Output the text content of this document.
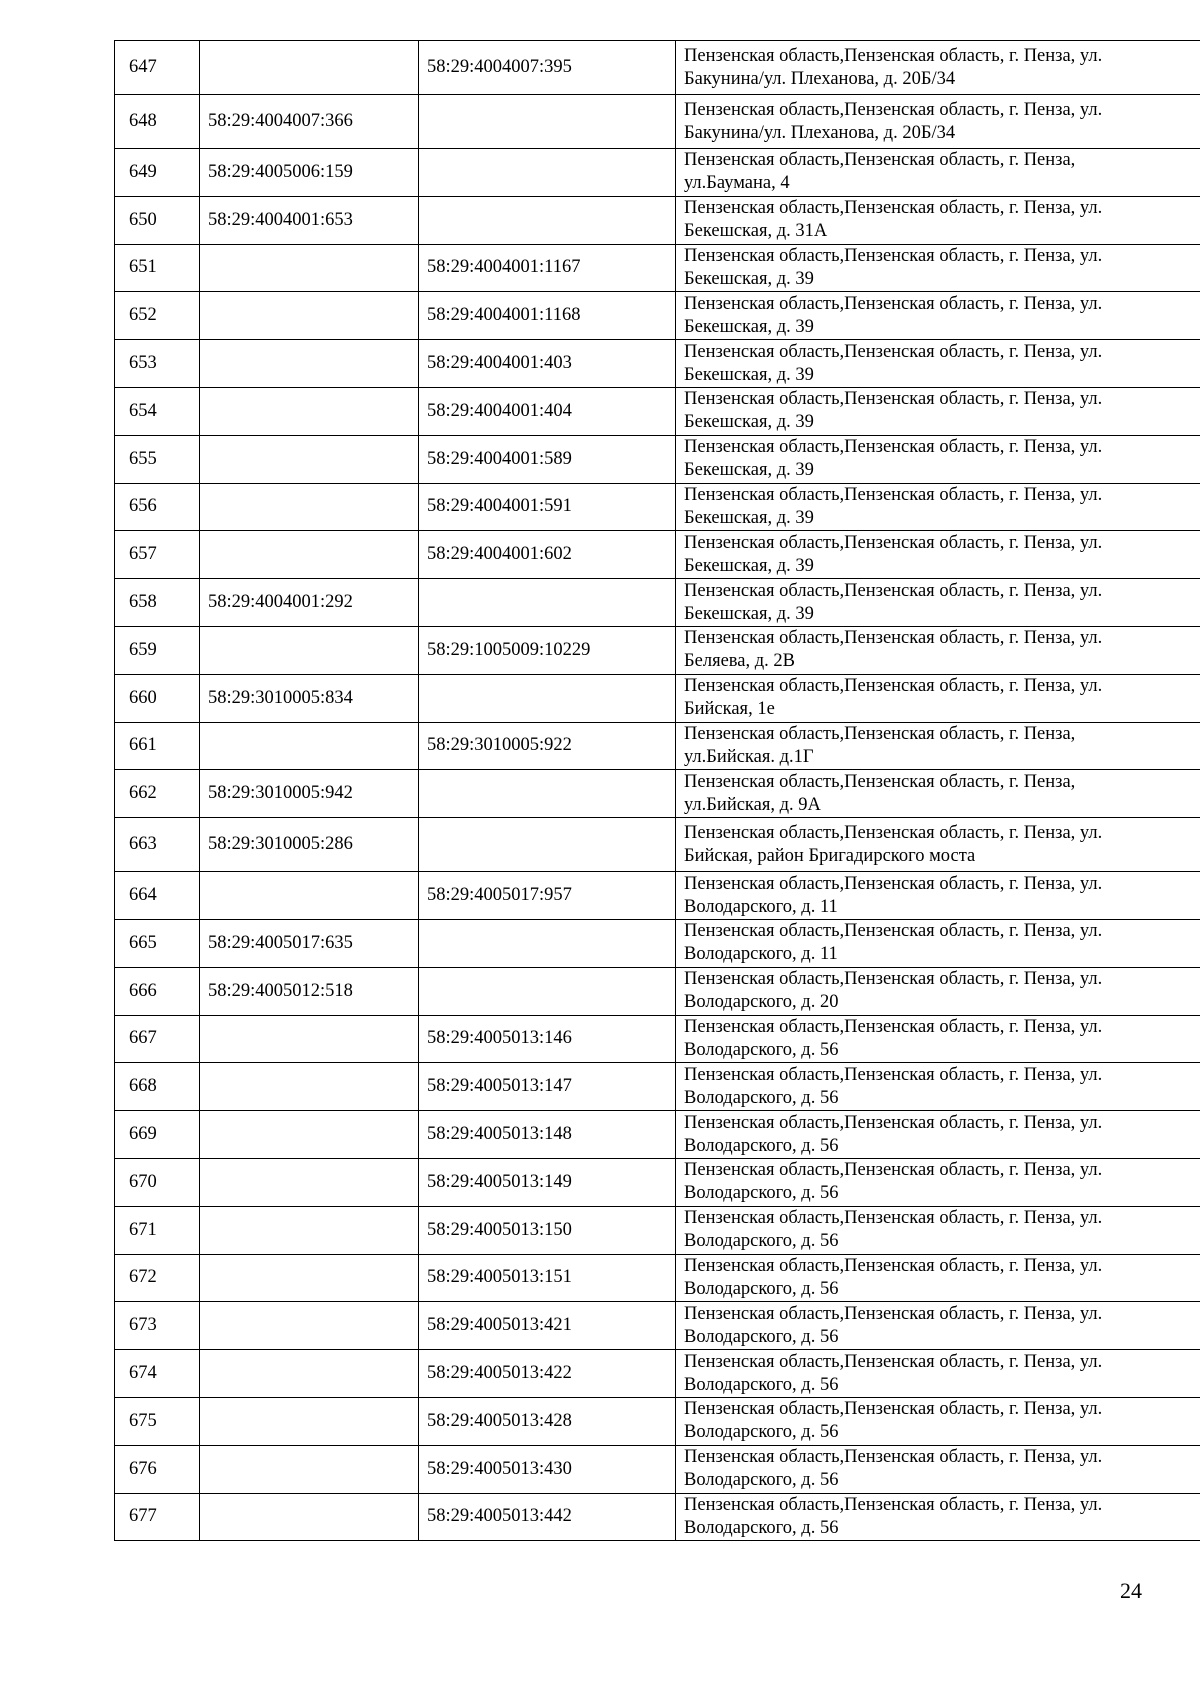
647		58:29:4004007:395	Пензенская область,Пензенская область, г. Пенза, ул.
Бакунина/ул. Плеханова, д. 20Б/34

648	58:29:4004007:366		Пензенская область,Пензенская область, г. Пенза, ул.
Бакунина/ул. Плеханова, д. 20Б/34

649	58:29:4005006:159		Пензенская область,Пензенская область, г. Пенза,
ул.Баумана, 4

650	58:29:4004001:653		Пензенская область,Пензенская область, г. Пенза, ул.
Бекешская, д. 31А

651		58:29:4004001:1167	Пензенская область,Пензенская область, г. Пенза, ул.
Бекешская, д. 39

652		58:29:4004001:1168	Пензенская область,Пензенская область, г. Пенза, ул.
Бекешская, д. 39

653		58:29:4004001:403	Пензенская область,Пензенская область, г. Пенза, ул.
Бекешская, д. 39

654		58:29:4004001:404	Пензенская область,Пензенская область, г. Пенза, ул.
Бекешская, д. 39

655		58:29:4004001:589	Пензенская область,Пензенская область, г. Пенза, ул.
Бекешская, д. 39

656		58:29:4004001:591	Пензенская область,Пензенская область, г. Пенза, ул.
Бекешская, д. 39

657		58:29:4004001:602	Пензенская область,Пензенская область, г. Пенза, ул.
Бекешская, д. 39

658	58:29:4004001:292		Пензенская область,Пензенская область, г. Пенза, ул.
Бекешская, д. 39

659		58:29:1005009:10229	Пензенская область,Пензенская область, г. Пенза, ул.
Беляева, д. 2В

660	58:29:3010005:834		Пензенская область,Пензенская область, г. Пенза, ул.
Бийская, 1е

661		58:29:3010005:922	Пензенская область,Пензенская область, г. Пенза,
ул.Бийская. д.1Г

662	58:29:3010005:942		Пензенская область,Пензенская область, г. Пенза,
ул.Бийская, д. 9А

663	58:29:3010005:286		Пензенская область,Пензенская область, г. Пенза, ул.
Бийская, район Бригадирского моста

664		58:29:4005017:957	Пензенская область,Пензенская область, г. Пенза, ул.
Володарского, д. 11

665	58:29:4005017:635		Пензенская область,Пензенская область, г. Пенза, ул.
Володарского, д. 11

666	58:29:4005012:518		Пензенская область,Пензенская область, г. Пенза, ул.
Володарского, д. 20

667		58:29:4005013:146	Пензенская область,Пензенская область, г. Пенза, ул.
Володарского, д. 56

668		58:29:4005013:147	Пензенская область,Пензенская область, г. Пенза, ул.
Володарского, д. 56

669		58:29:4005013:148	Пензенская область,Пензенская область, г. Пенза, ул.
Володарского, д. 56

670		58:29:4005013:149	Пензенская область,Пензенская область, г. Пенза, ул.
Володарского, д. 56

671		58:29:4005013:150	Пензенская область,Пензенская область, г. Пенза, ул.
Володарского, д. 56

672		58:29:4005013:151	Пензенская область,Пензенская область, г. Пенза, ул.
Володарского, д. 56

673		58:29:4005013:421	Пензенская область,Пензенская область, г. Пенза, ул.
Володарского, д. 56

674		58:29:4005013:422	Пензенская область,Пензенская область, г. Пенза, ул.
Володарского, д. 56

675		58:29:4005013:428	Пензенская область,Пензенская область, г. Пенза, ул.
Володарского, д. 56

676		58:29:4005013:430	Пензенская область,Пензенская область, г. Пенза, ул.
Володарского, д. 56

677		58:29:4005013:442	Пензенская область,Пензенская область, г. Пенза, ул.
Володарского, д. 56
24
